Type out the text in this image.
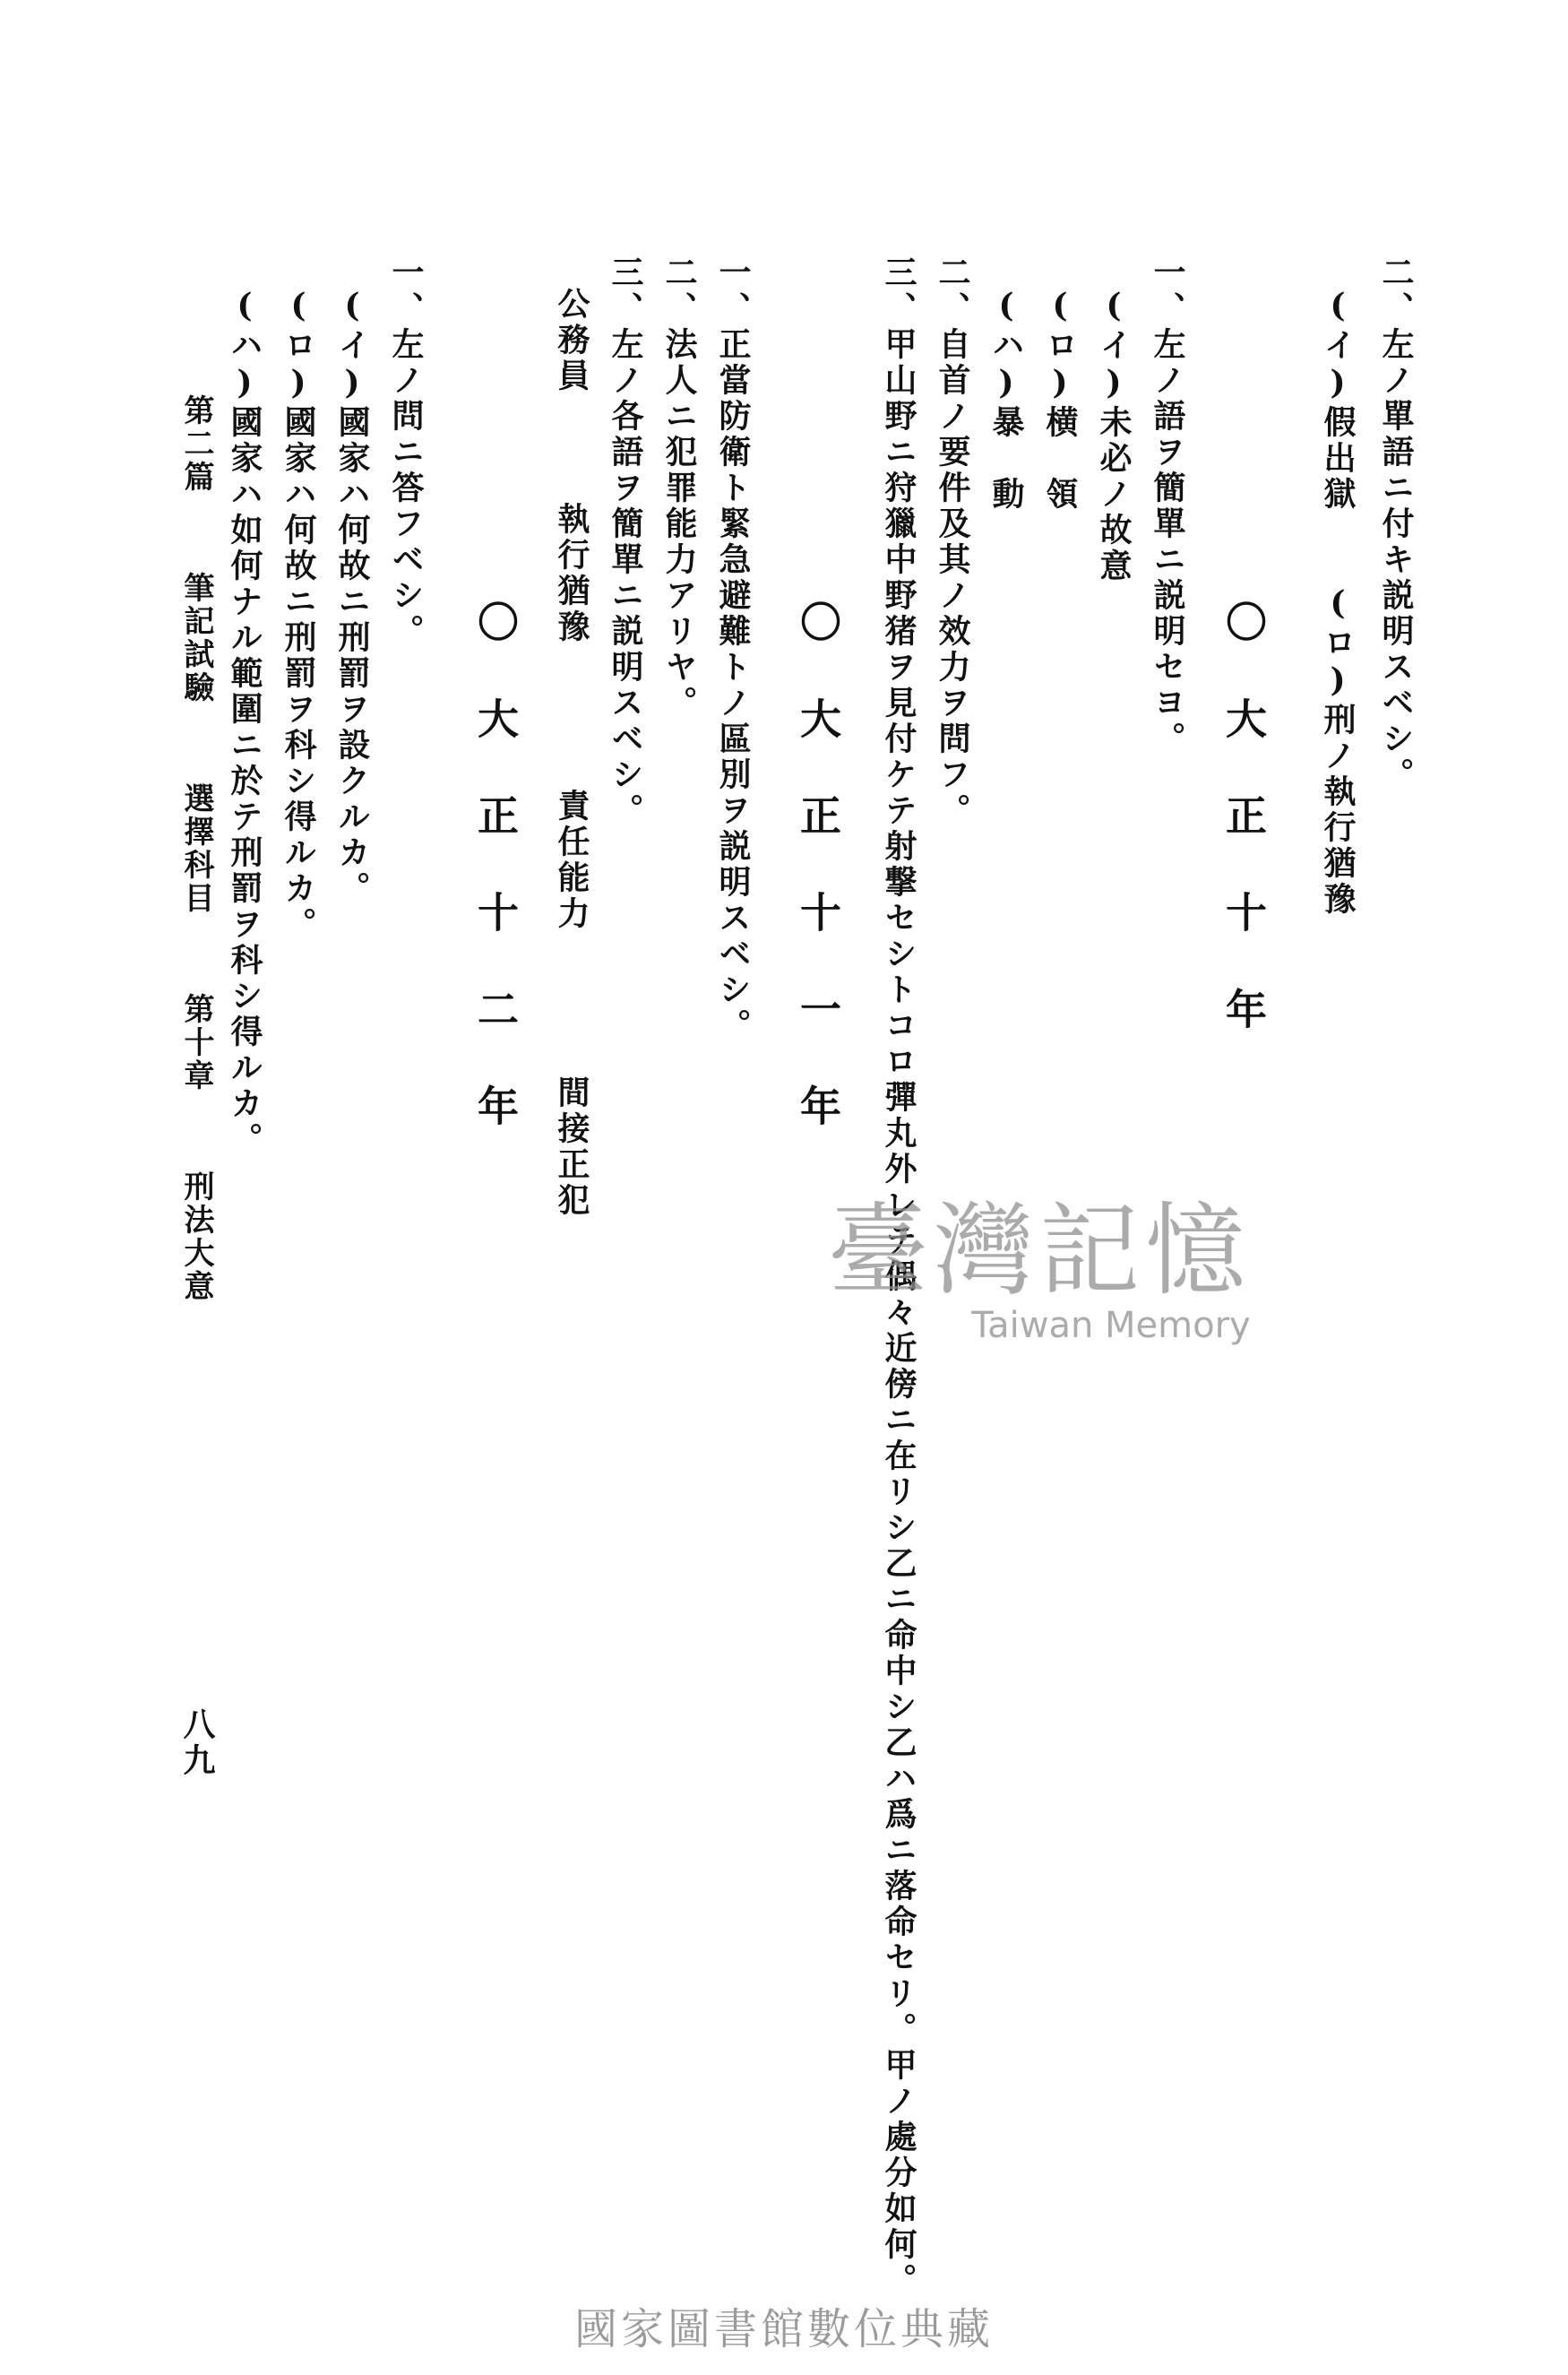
二、左ノ單語ニ付キ説明スベシ。
(イ)假出獄　　(ロ)刑ノ執行猶豫
一、左ノ語ヲ簡單ニ説明セヨ。
(イ)未必ノ故意
(ロ)横　領
(ハ)暴　動
二、自首ノ要件及其ノ效力ヲ問フ。
三、甲山野ニ狩獵中野猪ヲ見付ケテ射撃セシトコロ彈丸外レテ偶々近傍ニ在リシ乙ニ命中シ乙ハ爲ニ落命セリ。甲ノ處分如何。
一、正當防衛ト緊急避難トノ區別ヲ説明スベシ。
二、法人ニ犯罪能力アリヤ。
三、左ノ各語ヲ簡單ニ説明スベシ。
公務員　　　執行猶豫　　　　責任能力　　　　間接正犯
一、左ノ問ニ答フベシ。
(イ)國家ハ何故ニ刑罰ヲ設クルカ。
(ロ)國家ハ何故ニ刑罰ヲ科シ得ルカ。
(ハ)國家ハ如何ナル範圍ニ於テ刑罰ヲ科シ得ルカ。	〇大正十年
〇大正十一年
〇大正十二年
第二篇 筆記試驗 選擇科目 第十章 刑法大意
八九
臺灣記憶
Taiwan Memory
國家圖書館數位典藏
